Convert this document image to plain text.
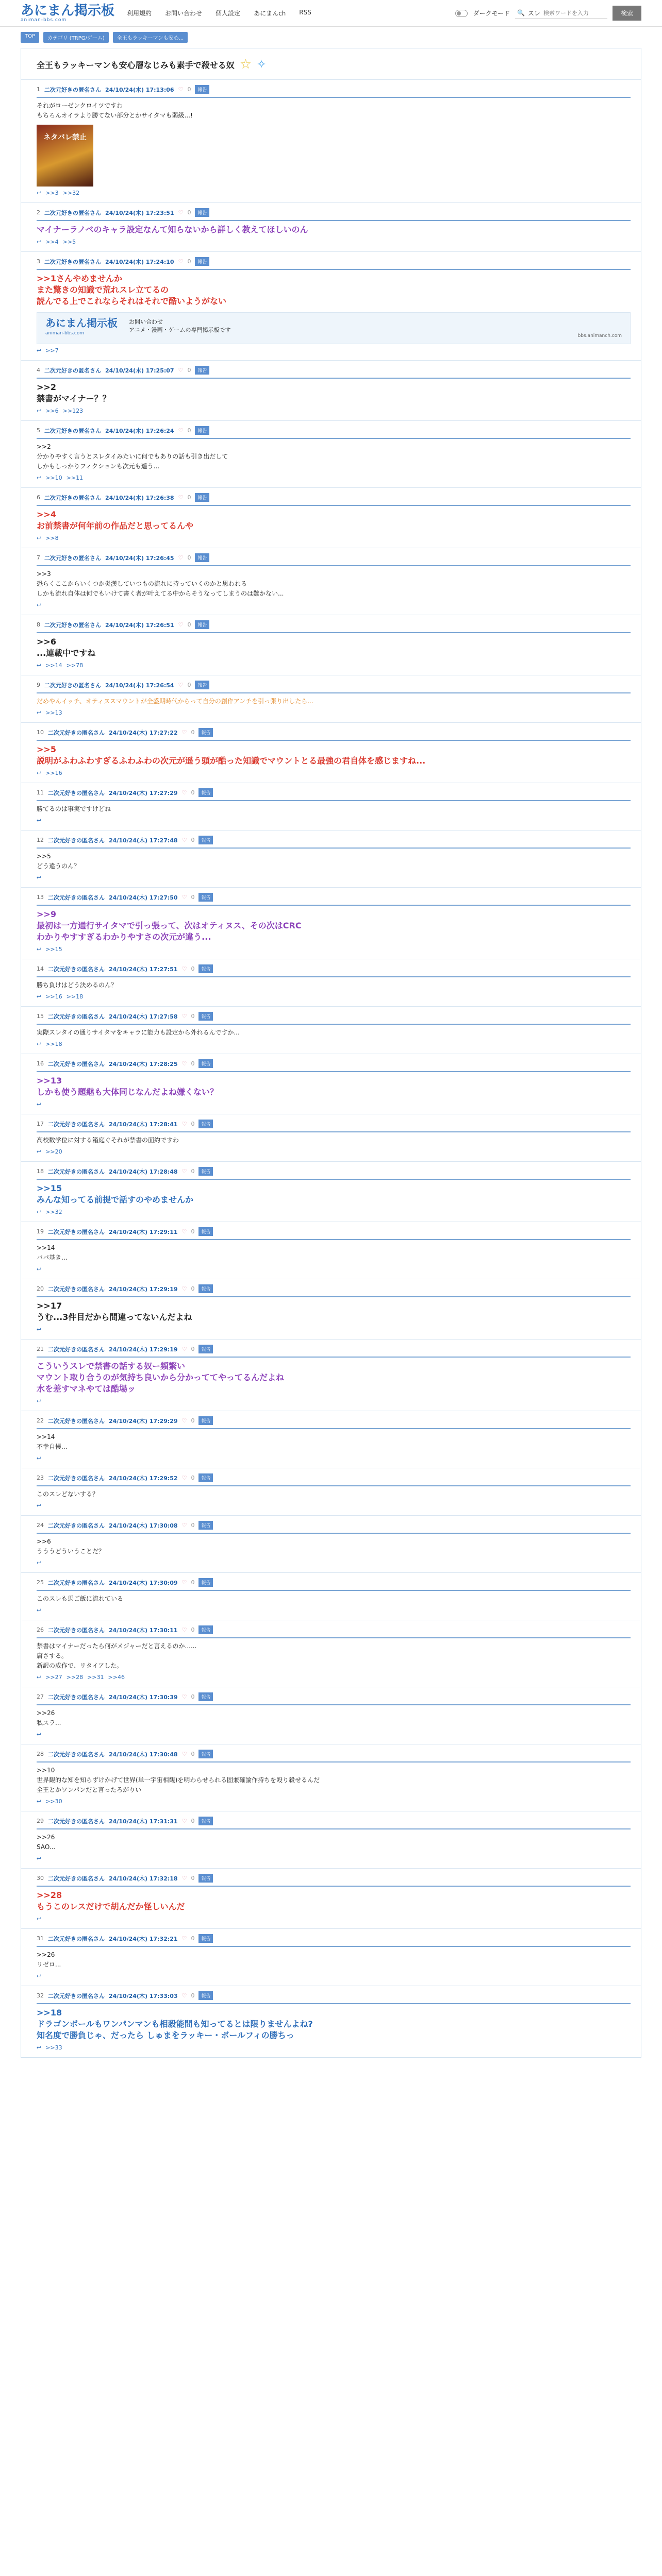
あにまん掲示板
animan-bbs.com
利用規約 お問い合わせ 個人設定 あにまんch RSS	ダークモード 🔍 スレ
検索ワードを入力	検索
TOP	カテゴリ (TRPG/ゲーム)	全王もラッキーマンも安心...
全王もラッキーマンも安心層なじみも素手で殺せる奴 ☆ ✧
1 二次元好きの匿名さん 24/10/24(木) 17:13:06 ♡ 0	報告
それがローゼンクロイツですわ
もちろんオイラより勝てない部分とかサイタマも弱級...!
ネタバレ禁止
↩ >>3 >>32
2 二次元好きの匿名さん 24/10/24(木) 17:23:51 ♡ 0	報告
マイナーラノベのキャラ設定なんて知らないから詳しく教えてほしいのん
↩ >>4 >>5
3 二次元好きの匿名さん 24/10/24(木) 17:24:10 ♡ 0	報告
>>1さんやめませんか
また驚きの知識で荒れスレ立てるの
読んでる上でこれならそれはそれで酷いようがない
あにまん掲示板
animan-bbs.com
お問い合わせ
アニメ・漫画・ゲームの専門掲示板です
bbs.animanch.com
↩ >>7
4 二次元好きの匿名さん 24/10/24(木) 17:25:07 ♡ 0	報告
>>2
禁書がマイナー？？
↩ >>6 >>123
5 二次元好きの匿名さん 24/10/24(木) 17:26:24 ♡ 0	報告
>>2
分かりやすく言うとスレタイみたいに何でもありの話も引き出だして
しかもしっかりフィクションも次元も遥う...
↩ >>10 >>11
6 二次元好きの匿名さん 24/10/24(木) 17:26:38 ♡ 0	報告
>>4
お前禁書が何年前の作品だと思ってるんや
↩ >>8
7 二次元好きの匿名さん 24/10/24(木) 17:26:45 ♡ 0	報告
>>3
恐らくここからいくつか炎漢していつもの流れに持っていくのかと思われる
しかも流れ自体は何でもいけて書く者が叶えてる中からそうなってしまうのは難かない...
↩
8 二次元好きの匿名さん 24/10/24(木) 17:26:51 ♡ 0	報告
>>6
...連載中ですね
↩ >>14 >>78
9 二次元好きの匿名さん 24/10/24(木) 17:26:54 ♡ 0	報告
だめやんイッチ、オティヌスマウントが全盛期時代からって自分の創作アンチを引っ張り出したら...
↩ >>13
10 二次元好きの匿名さん 24/10/24(木) 17:27:22 ♡ 0	報告
>>5
説明がふわふわすぎるふわふわの次元が遥う頭が酷った知識でマウントとる最強の君自体を感じますね...
↩ >>16
11 二次元好きの匿名さん 24/10/24(木) 17:27:29 ♡ 0	報告
勝てるのは事実ですけどね
↩
12 二次元好きの匿名さん 24/10/24(木) 17:27:48 ♡ 0	報告
>>5
どう違うのん？
↩
13 二次元好きの匿名さん 24/10/24(木) 17:27:50 ♡ 0	報告
>>9
最初は一方通行サイタマで引っ張って、次はオティヌス、その次はCRC
わかりやすすぎるわかりやすさの次元が違う...
↩ >>15
14 二次元好きの匿名さん 24/10/24(木) 17:27:51 ♡ 0	報告
勝ち負けはどう決めるのん？
↩ >>16 >>18
15 二次元好きの匿名さん 24/10/24(木) 17:27:58 ♡ 0	報告
実際スレタイの通りサイタマをキャラに能力も設定から外れるんですか...
↩ >>18
16 二次元好きの匿名さん 24/10/24(木) 17:28:25 ♡ 0	報告
>>13
しかも使う題継も大体同じなんだよね嫌くない？
↩
17 二次元好きの匿名さん 24/10/24(木) 17:28:41 ♡ 0	報告
高校数学位に対する箱庭ぐそれが禁書の面約ですわ
↩ >>20
18 二次元好きの匿名さん 24/10/24(木) 17:28:48 ♡ 0	報告
>>15
みんな知ってる前提で話すのやめませんか
↩ >>32
19 二次元好きの匿名さん 24/10/24(木) 17:29:11 ♡ 0	報告
>>14
パパ基き...
↩
20 二次元好きの匿名さん 24/10/24(木) 17:29:19 ♡ 0	報告
>>17
うむ...3件目だから間違ってないんだよね
↩
21 二次元好きの匿名さん 24/10/24(木) 17:29:19 ♡ 0	報告
こういうスレで禁書の話する奴ー頻繁い
マウント取り合うのが気持ち良いから分かっててやってるんだよね
水を差すマネやては酷場ッ
↩
22 二次元好きの匿名さん 24/10/24(木) 17:29:29 ♡ 0	報告
>>14
不幸自慢...
↩
23 二次元好きの匿名さん 24/10/24(木) 17:29:52 ♡ 0	報告
このスレどないする？
↩
24 二次元好きの匿名さん 24/10/24(木) 17:30:08 ♡ 0	報告
>>6
うううどういうことだ？
↩
25 二次元好きの匿名さん 24/10/24(木) 17:30:09 ♡ 0	報告
このスレも馬ご飯に流れている
↩
26 二次元好きの匿名さん 24/10/24(木) 17:30:11 ♡ 0	報告
禁書はマイナーだったら何がメジャーだと言えるのか......
庸さする。
新訳の成作で、リタイアした。
↩ >>27 >>28 >>31 >>46
27 二次元好きの匿名さん 24/10/24(木) 17:30:39 ♡ 0	報告
>>26
私スラ...
↩
28 二次元好きの匿名さん 24/10/24(木) 17:30:48 ♡ 0	報告
>>10
世界観的な知を知らずけかげて世界(単一宇宙相観)を明わらせられる固兼確論作持ちを殴り殺せるんだ
全王とかワンパンだと言ったろがりい
↩ >>30
29 二次元好きの匿名さん 24/10/24(木) 17:31:31 ♡ 0	報告
>>26
SAO...
↩
30 二次元好きの匿名さん 24/10/24(木) 17:32:18 ♡ 0	報告
>>28
もうこのレスだけで胡んだか怪しいんだ
↩
31 二次元好きの匿名さん 24/10/24(木) 17:32:21 ♡ 0	報告
>>26
リゼロ...
↩
32 二次元好きの匿名さん 24/10/24(木) 17:33:03 ♡ 0	報告
>>18
ドラゴンボールもワンパンマンも相殺能間も知ってるとは限りませんよね?
知名度で勝負じゃ、だったら しゅまをラッキー・ボールフィの勝ちっ
↩ >>33
